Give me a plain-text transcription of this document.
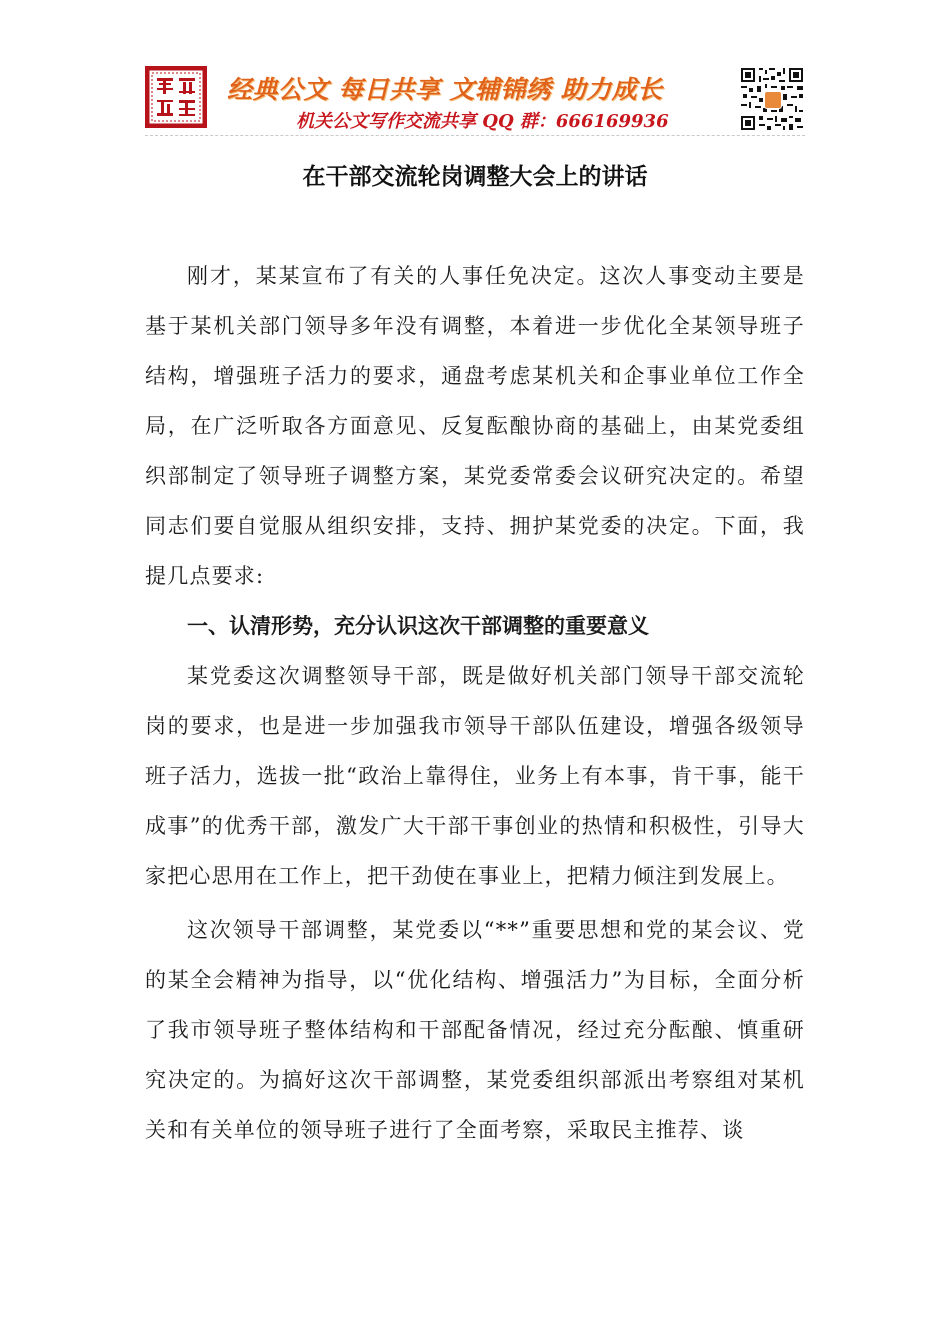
经典公文 每日共享 文辅锦绣 助力成长
机关公文写作交流共享 QQ 群：666169936
在干部交流轮岗调整大会上的讲话

刚才，某某宣布了有关的人事任免决定。这次人事变动主要是基于某机关部门领导多年没有调整，本着进一步优化全某领导班子结构，增强班子活力的要求，通盘考虑某机关和企事业单位工作全局，在广泛听取各方面意见、反复酝酿协商的基础上，由某党委组织部制定了领导班子调整方案，某党委常委会议研究决定的。希望同志们要自觉服从组织安排，支持、拥护某党委的决定。下面，我提几点要求:

一、认清形势，充分认识这次干部调整的重要意义

某党委这次调整领导干部，既是做好机关部门领导干部交流轮岗的要求，也是进一步加强我市领导干部队伍建设，增强各级领导班子活力，选拔一批“政治上靠得住，业务上有本事，肯干事，能干成事”的优秀干部，激发广大干部干事创业的热情和积极性，引导大家把心思用在工作上，把干劲使在事业上，把精力倾注到发展上。

这次领导干部调整，某党委以“**”重要思想和党的某会议、党的某全会精神为指导，以“优化结构、增强活力”为目标，全面分析了我市领导班子整体结构和干部配备情况，经过充分酝酿、慎重研究决定的。为搞好这次干部调整，某党委组织部派出考察组对某机关和有关单位的领导班子进行了全面考察，采取民主推荐、谈
